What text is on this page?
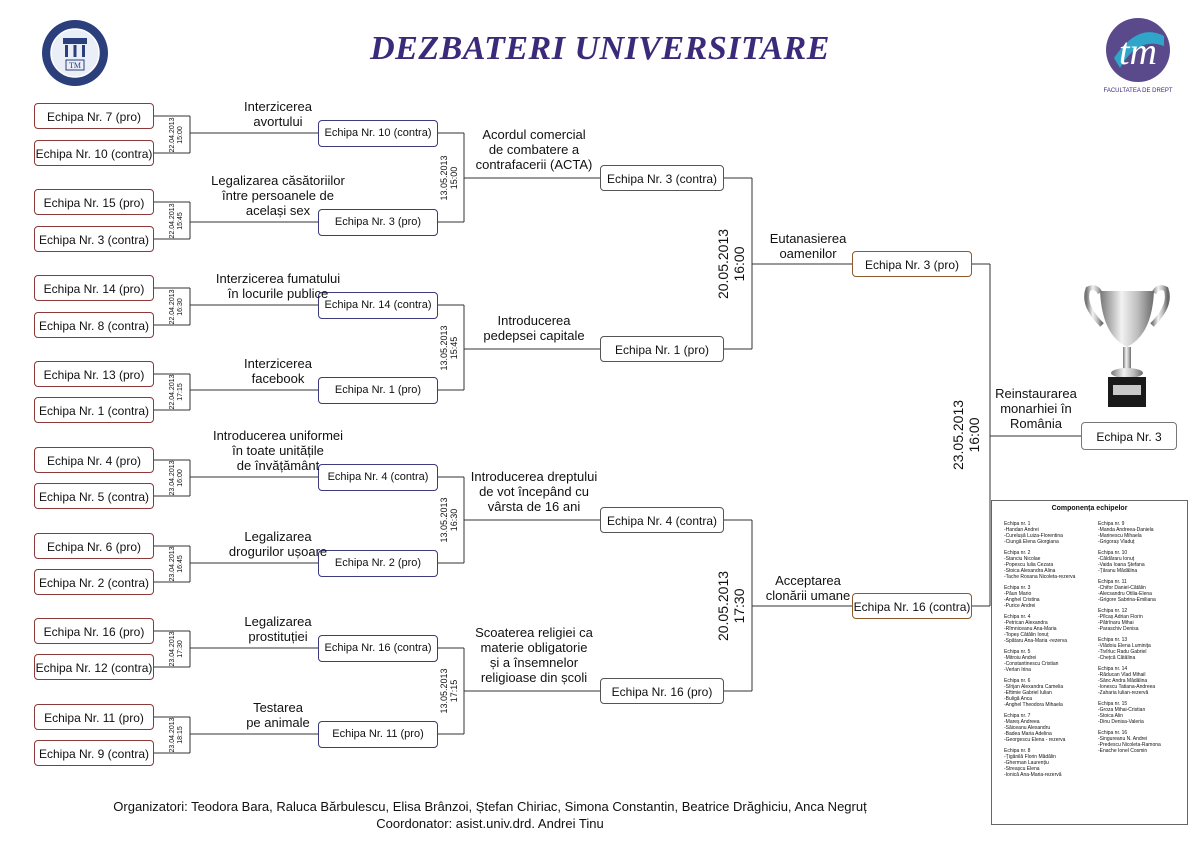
TM	tm
FACULTATEA DE DREPT
DEZBATERI UNIVERSITARE
Echipa Nr. 7 (pro)
Echipa Nr. 10 (contra)
Echipa Nr. 15 (pro)
Echipa Nr. 3 (contra)
Echipa Nr. 14 (pro)
Echipa Nr. 8 (contra)
Echipa Nr. 13 (pro)
Echipa Nr. 1 (contra)
Echipa Nr. 4 (pro)
Echipa Nr. 5 (contra)
Echipa Nr. 6 (pro)
Echipa Nr. 2 (contra)
Echipa Nr. 16 (pro)
Echipa Nr. 12 (contra)
Echipa Nr. 11 (pro)
Echipa Nr. 9 (contra)
Echipa Nr. 10 (contra)
Echipa Nr. 3 (pro)
Echipa Nr. 14 (contra)
Echipa Nr. 1 (pro)
Echipa Nr. 4 (contra)
Echipa Nr. 2 (pro)
Echipa Nr. 16 (contra)
Echipa Nr. 11 (pro)
Echipa Nr. 3 (contra)
Echipa Nr. 1 (pro)
Echipa Nr. 4 (contra)
Echipa Nr. 16 (pro)
Echipa Nr. 3 (pro)
Echipa Nr. 16 (contra)
Interzicerea
avortului
Legalizarea căsătoriilor
între persoanele de
același sex
Interzicerea fumatului
în locurile publice
Interzicerea
facebook
Introducerea uniformei
în toate unitățile
de învățământ
Legalizarea
drogurilor ușoare
Legalizarea
prostituției
Testarea
pe animale
Acordul comercial
de combatere a
contrafacerii (ACTA)
Introducerea
pedepsei capitale
Introducerea dreptului
de vot începând cu
vârsta de 16 ani
Scoaterea religiei ca
materie obligatorie
și a însemnelor
religioase din școli
Eutanasierea
oamenilor
Acceptarea
clonării umane
Reinstaurarea
monarhiei în
România
22.04.2013 15:00
22.04.2013 15:45
22.04.2013 16:30
22.04.2013 17:15
23.04.2013 16:00
23.04.2013 16:45
23.04.2013 17:30
23.04.2013 18:15
13.05.2013 15:00
13.05.2013 15:45
13.05.2013 16:30
13.05.2013 17:15
20.05.2013 16:00
20.05.2013 17:30
23.05.2013 16:00	Echipa Nr. 3
Componența echipelor
Echipa nr. 1
-Handan Andrei
-Curelușă Luiza-Florentina
-Ciungă Elena Giorgiana
Echipa nr. 2
-Stanciu Nicolae
-Popescu Iulia Cezara
-Stoica Alexandra Alina
-Tache Roxana Nicoleta-rezerva
Echipa nr. 3
-Păun Mario
-Anghel Cristina
-Purice Andrei
Echipa nr. 4
-Petrican Alexandra
-Rîmniceanu Ana-Maria
-Topeș Cătălin Ionuț
-Spătaru Ana-Maria -rezerva
Echipa nr. 5
-Mitroiu Andrei
-Constantinescu Cristian
-Verlan Irina
Echipa nr. 6
-Sîrijan Alexandra Camelia
-Eftimie Gabriel Iulian
-Buligă Anca
-Anghel Theodora Mihaela
Echipa nr. 7
-Mareș Andreea
-Săiceanu Alexandru
-Badea Maria Adelina
-Georgescu Elena - rezerva
Echipa nr. 8
-Țigănilă Florin Mădălin
-Gherman Laurențiu
-Streașcu Elena
-Ionică Ana-Maria-rezervă
Echipa nr. 9
-Manda Andreea-Daniela
-Marinescu Mihaela
-Grigoraș Vladuț
Echipa nr. 10
-Căldăraru Ionuț
-Vaida Ioana Ștefana
-Țăranu Mădălina
Echipa nr. 11
-Chifor Daniel-Cătălin
-Alecsandru Otilia-Elena
-Grigore Sabrina-Emiliana
Echipa nr. 12
-Pîlcaș Adrian Florin
-Pătrînaru Mihai
-Paraschiv Denisa
Echipa nr. 13
-Vlădoiu Elena Luminița
-Tivîrluc Radu Gabriel
-Chețcă Cătălina
Echipa nr. 14
-Răducan Vlad Mihail
-Sânc Andra Mădălina
-Ionescu Tatiana-Andreea
-Zaharia Iulian-rezervă
Echipa nr. 15
-Groza Mihai-Cristian
-Stoica Alin
-Dinu Denisa-Valeria
Echipa nr. 16
-Singureanu N. Andrei
-Predescu Nicoleta-Ramona
-Enache Ionel Cosmin
Organizatori: Teodora Bara, Raluca Bărbulescu, Elisa Brânzoi, Ștefan Chiriac, Simona Constantin, Beatrice Drăghiciu, Anca Negruț
Coordonator: asist.univ.drd. Andrei Tinu
